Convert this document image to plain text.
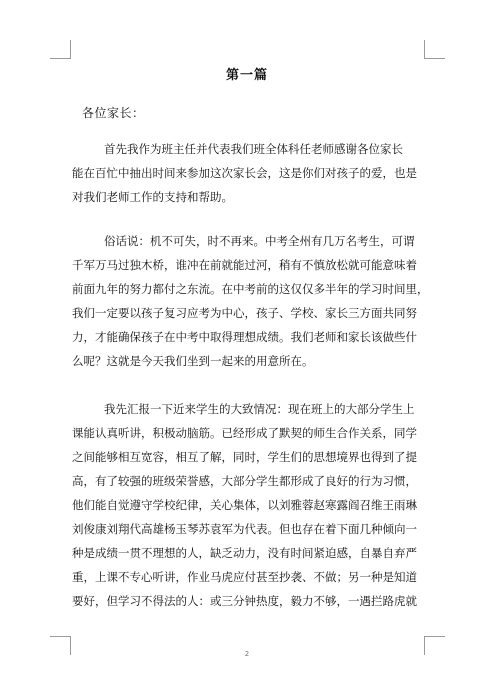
第一篇
各位家长：
首先我作为班主任并代表我们班全体科任老师感谢各位家长
能在百忙中抽出时间来参加这次家长会，这是你们对孩子的爱，也是
对我们老师工作的支持和帮助。
俗话说：机不可失，时不再来。中考全州有几万名考生，可谓
千军万马过独木桥，谁冲在前就能过河，稍有不慎放松就可能意味着
前面九年的努力都付之东流。在中考前的这仅仅多半年的学习时间里，
我们一定要以孩子复习应考为中心，孩子、学校、家长三方面共同努
力，才能确保孩子在中考中取得理想成绩。我们老师和家长该做些什
么呢？这就是今天我们坐到一起来的用意所在。
我先汇报一下近来学生的大致情况：现在班上的大部分学生上
课能认真听讲，积极动脑筋。已经形成了默契的师生合作关系，同学
之间能够相互宽容，相互了解，同时，学生们的思想境界也得到了提
高，有了较强的班级荣誉感，大部分学生都形成了良好的行为习惯，
他们能自觉遵守学校纪律，关心集体，以刘雅蓉赵寒露阎召维王雨琳
刘俊康刘翔代高雄杨玉琴苏袁军为代表。但也存在着下面几种倾向一
种是成绩一贯不理想的人，缺乏动力，没有时间紧迫感，自暴自弃严
重，上课不专心听讲，作业马虎应付甚至抄袭、不做；另一种是知道
要好，但学习不得法的人：或三分钟热度，毅力不够，一遇拦路虎就
2
